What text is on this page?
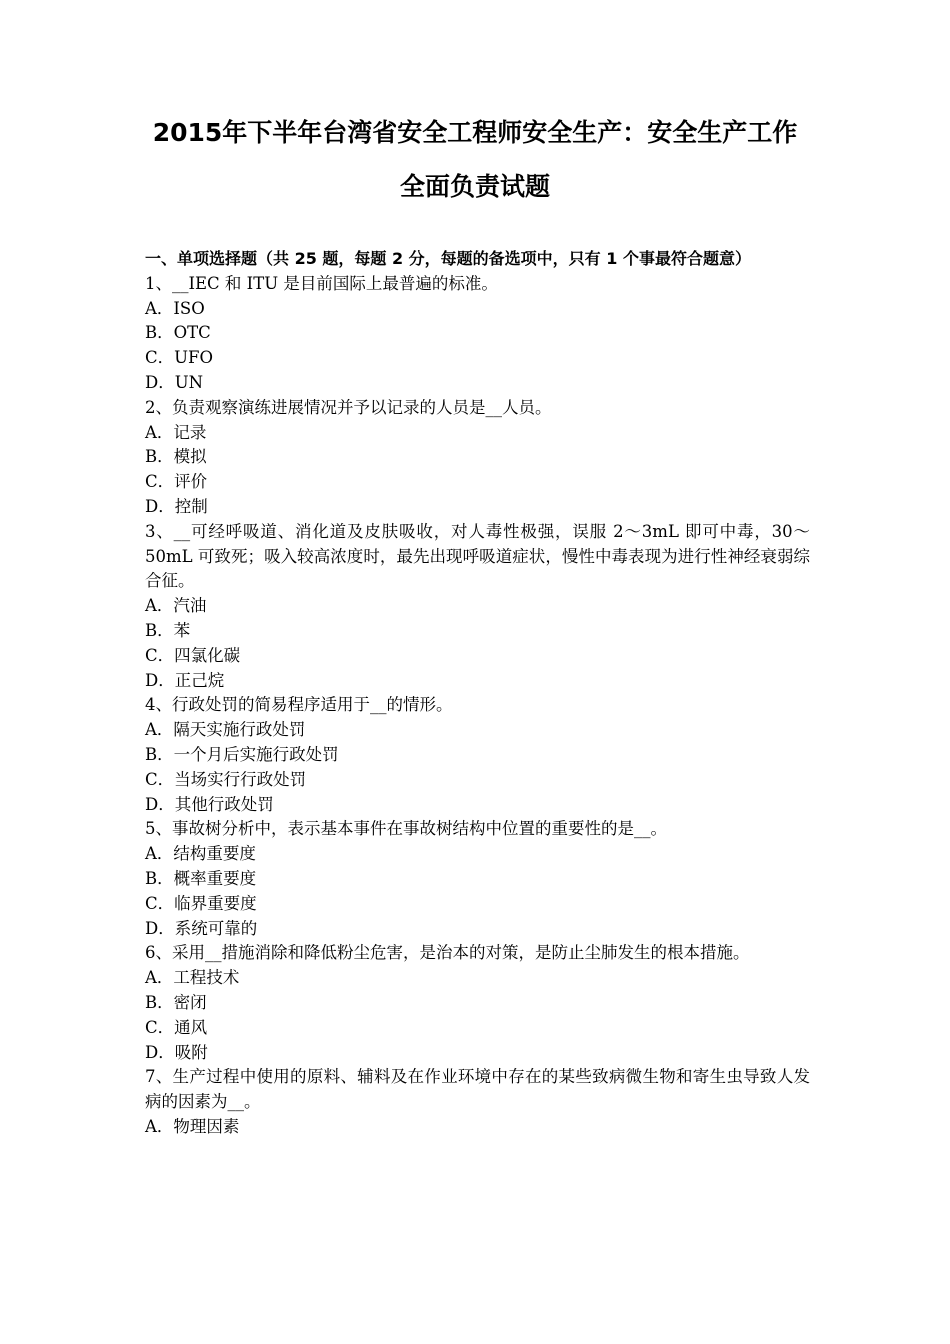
2015年下半年台湾省安全工程师安全生产：安全生产工作
全面负责试题
一、单项选择题（共 25 题，每题 2 分，每题的备选项中，只有 1 个事最符合题意）
1、__IEC 和 ITU 是目前国际上最普遍的标准。
A．ISO
B．OTC
C．UFO
D．UN
2、负责观察演练进展情况并予以记录的人员是__人员。
A．记录
B．模拟
C．评价
D．控制
3、__可经呼吸道、消化道及皮肤吸收，对人毒性极强，误服 2～3mL 即可中毒，30～ 50mL 可致死；吸入较高浓度时，最先出现呼吸道症状，慢性中毒表现为进行性神经衰弱综合征。
A．汽油
B．苯
C．四氯化碳
D．正己烷
4、行政处罚的简易程序适用于__的情形。
A．隔天实施行政处罚
B．一个月后实施行政处罚
C．当场实行行政处罚
D．其他行政处罚
5、事故树分析中，表示基本事件在事故树结构中位置的重要性的是__。
A．结构重要度
B．概率重要度
C．临界重要度
D．系统可靠的
6、采用__措施消除和降低粉尘危害，是治本的对策，是防止尘肺发生的根本措施。
A．工程技术
B．密闭
C．通风
D．吸附
7、生产过程中使用的原料、辅料及在作业环境中存在的某些致病微生物和寄生虫导致人发病的因素为__。
A．物理因素
